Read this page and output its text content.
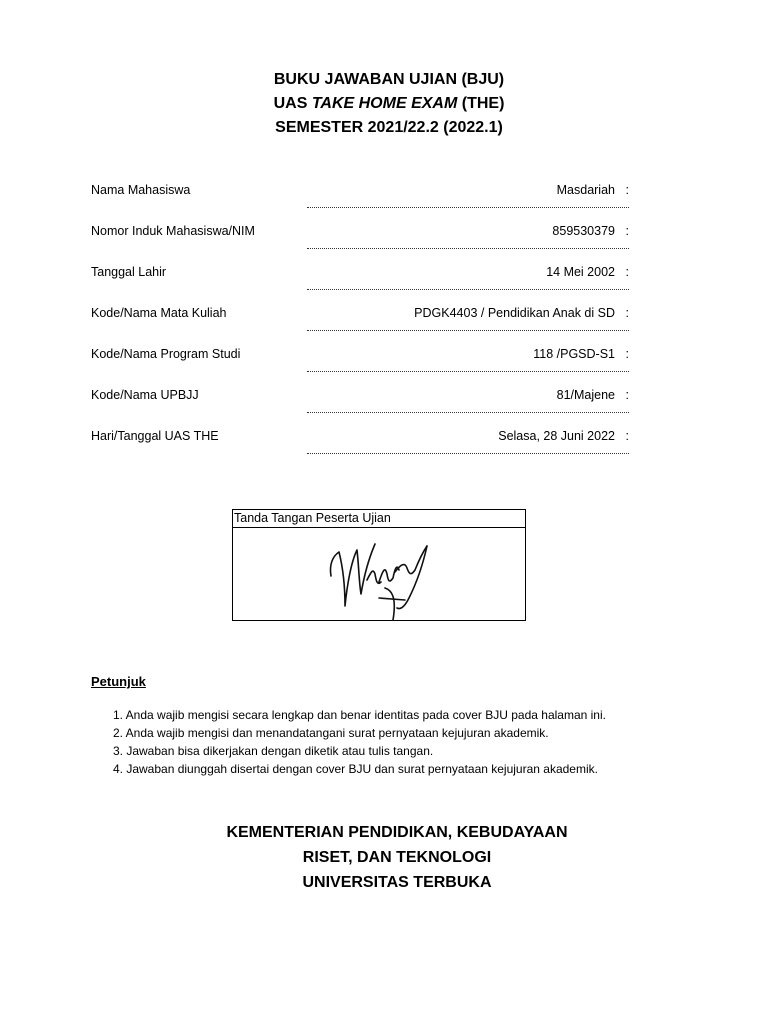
BUKU JAWABAN UJIAN (BJU)
UAS TAKE HOME EXAM (THE)
SEMESTER 2021/22.2 (2022.1)
Nama Mahasiswa	Masdariah :
Nomor Induk Mahasiswa/NIM	859530379 :
Tanggal Lahir	14 Mei 2002 :
Kode/Nama Mata Kuliah	PDGK4403 / Pendidikan Anak di SD :
Kode/Nama Program Studi	118 /PGSD-S1 :
Kode/Nama UPBJJ	81/Majene :
Hari/Tanggal UAS THE	Selasa, 28 Juni 2022 :
Tanda Tangan Peserta Ujian
Petunjuk
1. Anda wajib mengisi secara lengkap dan benar identitas pada cover BJU pada halaman ini.
2. Anda wajib mengisi dan menandatangani surat pernyataan kejujuran akademik.
3. Jawaban bisa dikerjakan dengan diketik atau tulis tangan.
4. Jawaban diunggah disertai dengan cover BJU dan surat pernyataan kejujuran akademik.
KEMENTERIAN PENDIDIKAN, KEBUDAYAAN
RISET, DAN TEKNOLOGI
UNIVERSITAS TERBUKA
